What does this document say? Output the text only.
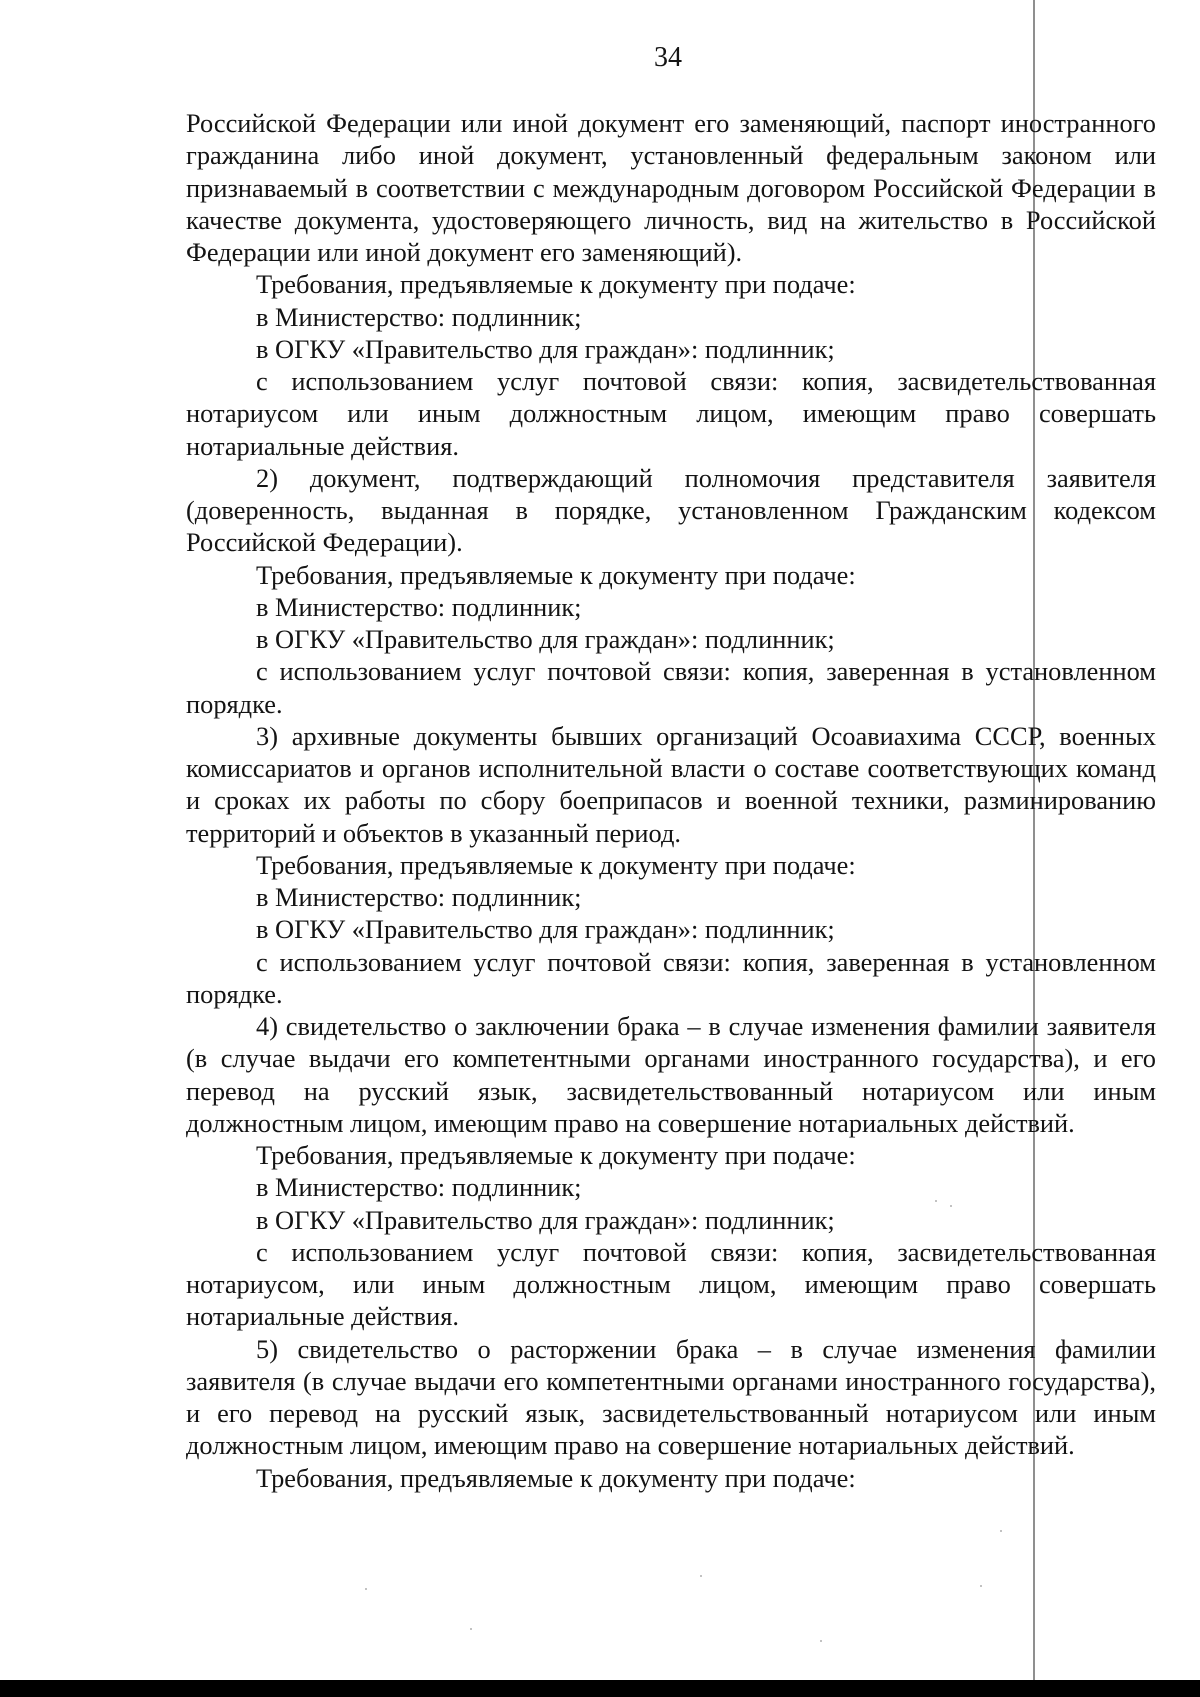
34

Российской Федерации или иной документ его заменяющий, паспорт иностранного гражданина либо иной документ, установленный федеральным законом или признаваемый в соответствии с международным договором Российской Федерации в качестве документа, удостоверяющего личность, вид на жительство в Российской Федерации или иной документ его заменяющий).

Требования, предъявляемые к документу при подаче:

в Министерство: подлинник;

в ОГКУ «Правительство для граждан»: подлинник;

с использованием услуг почтовой связи: копия, засвидетельствованная нотариусом или иным должностным лицом, имеющим право совершать нотариальные действия.

2) документ, подтверждающий полномочия представителя заявителя (доверенность, выданная в порядке, установленном Гражданским кодексом Российской Федерации).

Требования, предъявляемые к документу при подаче:

в Министерство: подлинник;

в ОГКУ «Правительство для граждан»: подлинник;

с использованием услуг почтовой связи: копия, заверенная в установленном порядке.

3) архивные документы бывших организаций Осоавиахима СССР, военных комиссариатов и органов исполнительной власти о составе соответствующих команд и сроках их работы по сбору боеприпасов и военной техники, разминированию территорий и объектов в указанный период.

Требования, предъявляемые к документу при подаче:

в Министерство: подлинник;

в ОГКУ «Правительство для граждан»: подлинник;

с использованием услуг почтовой связи: копия, заверенная в установленном порядке.

4) свидетельство о заключении брака – в случае изменения фамилии заявителя (в случае выдачи его компетентными органами иностранного государства), и его перевод на русский язык, засвидетельствованный нотариусом или иным должностным лицом, имеющим право на совершение нотариальных действий.

Требования, предъявляемые к документу при подаче:

в Министерство: подлинник;

в ОГКУ «Правительство для граждан»: подлинник;

с использованием услуг почтовой связи: копия, засвидетельствованная нотариусом, или иным должностным лицом, имеющим право совершать нотариальные действия.

5) свидетельство о расторжении брака – в случае изменения фамилии заявителя (в случае выдачи его компетентными органами иностранного государства), и его перевод на русский язык, засвидетельствованный нотариусом или иным должностным лицом, имеющим право на совершение нотариальных действий.

Требования, предъявляемые к документу при подаче:
